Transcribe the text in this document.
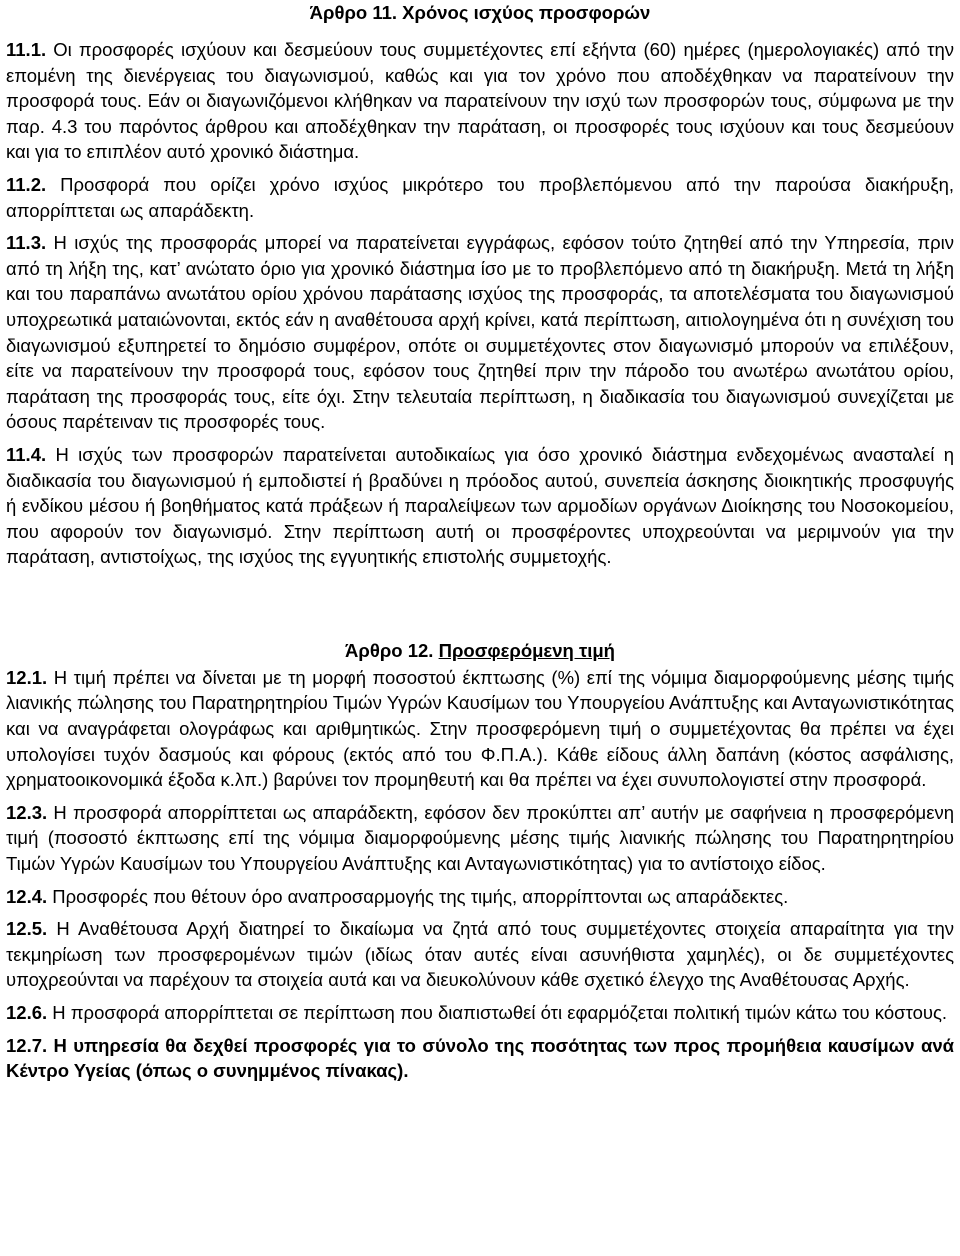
Άρθρο 11. Χρόνος ισχύος προσφορών

11.1. Οι προσφορές ισχύουν και δεσμεύουν τους συμμετέχοντες επί εξήντα (60) ημέρες (ημερολογιακές) από την επομένη της διενέργειας του διαγωνισμού, καθώς και για τον χρόνο που αποδέχθηκαν να παρατείνουν την προσφορά τους. Εάν οι διαγωνιζόμενοι κλήθηκαν να παρατείνουν την ισχύ των προσφορών τους, σύμφωνα με την παρ. 4.3 του παρόντος άρθρου και αποδέχθηκαν την παράταση, οι προσφορές τους ισχύουν και τους δεσμεύουν και για το επιπλέον αυτό χρονικό διάστημα.

11.2. Προσφορά που ορίζει χρόνο ισχύος μικρότερο του προβλεπόμενου από την παρούσα διακήρυξη, απορρίπτεται ως απαράδεκτη.

11.3. Η ισχύς της προσφοράς μπορεί να παρατείνεται εγγράφως, εφόσον τούτο ζητηθεί από την Υπηρεσία, πριν από τη λήξη της, κατ’ ανώτατο όριο για χρονικό διάστημα ίσο με το προβλεπόμενο από τη διακήρυξη. Μετά τη λήξη και του παραπάνω ανωτάτου ορίου χρόνου παράτασης ισχύος της προσφοράς, τα αποτελέσματα του διαγωνισμού υποχρεωτικά ματαιώνονται, εκτός εάν η αναθέτουσα αρχή κρίνει, κατά περίπτωση, αιτιολογημένα ότι η συνέχιση του διαγωνισμού εξυπηρετεί το δημόσιο συμφέρον, οπότε οι συμμετέχοντες στον διαγωνισμό μπορούν να επιλέξουν, είτε να παρατείνουν την προσφορά τους, εφόσον τους ζητηθεί πριν την πάροδο του ανωτέρω ανωτάτου ορίου, παράταση της προσφοράς τους, είτε όχι. Στην τελευταία περίπτωση, η διαδικασία του διαγωνισμού συνεχίζεται με όσους παρέτειναν τις προσφορές τους.

11.4. Η ισχύς των προσφορών παρατείνεται αυτοδικαίως για όσο χρονικό διάστημα ενδεχομένως ανασταλεί η διαδικασία του διαγωνισμού ή εμποδιστεί ή βραδύνει η πρόοδος αυτού, συνεπεία άσκησης διοικητικής προσφυγής ή ενδίκου μέσου ή βοηθήματος κατά πράξεων ή παραλείψεων των αρμοδίων οργάνων Διοίκησης του Νοσοκομείου, που αφορούν τον διαγωνισμό. Στην περίπτωση αυτή οι προσφέροντες υποχρεούνται να μεριμνούν για την παράταση, αντιστοίχως, της ισχύος της εγγυητικής επιστολής συμμετοχής.

Άρθρο 12. Προσφερόμενη τιμή

12.1. Η τιμή πρέπει να δίνεται με τη μορφή ποσοστού έκπτωσης (%) επί της νόμιμα διαμορφούμενης μέσης τιμής λιανικής πώλησης του Παρατηρητηρίου Τιμών Υγρών Καυσίμων του Υπουργείου Ανάπτυξης και Ανταγωνιστικότητας και να αναγράφεται ολογράφως και αριθμητικώς. Στην προσφερόμενη τιμή ο συμμετέχοντας θα πρέπει να έχει υπολογίσει τυχόν δασμούς και φόρους (εκτός από του Φ.Π.Α.). Κάθε είδους άλλη δαπάνη (κόστος ασφάλισης, χρηματοοικονομικά έξοδα κ.λπ.) βαρύνει τον προμηθευτή και θα πρέπει να έχει συνυπολογιστεί στην προσφορά.

12.3. Η προσφορά απορρίπτεται ως απαράδεκτη, εφόσον δεν προκύπτει απ’ αυτήν με σαφήνεια η προσφερόμενη τιμή (ποσοστό έκπτωσης επί της νόμιμα διαμορφούμενης μέσης τιμής λιανικής πώλησης του Παρατηρητηρίου Τιμών Υγρών Καυσίμων του Υπουργείου Ανάπτυξης και Ανταγωνιστικότητας) για το αντίστοιχο είδος.

12.4. Προσφορές που θέτουν όρο αναπροσαρμογής της τιμής, απορρίπτονται ως απαράδεκτες.

12.5. Η Αναθέτουσα Αρχή διατηρεί το δικαίωμα να ζητά από τους συμμετέχοντες στοιχεία απαραίτητα για την τεκμηρίωση των προσφερομένων τιμών (ιδίως όταν αυτές είναι ασυνήθιστα χαμηλές), οι δε συμμετέχοντες υποχρεούνται να παρέχουν τα στοιχεία αυτά και να διευκολύνουν κάθε σχετικό έλεγχο της Αναθέτουσας Αρχής.

12.6. Η προσφορά απορρίπτεται σε περίπτωση που διαπιστωθεί ότι εφαρμόζεται πολιτική τιμών κάτω του κόστους.

12.7. Η υπηρεσία θα δεχθεί προσφορές για το σύνολο της ποσότητας των προς προμήθεια καυσίμων ανά Κέντρο Υγείας (όπως ο συνημμένος πίνακας).
